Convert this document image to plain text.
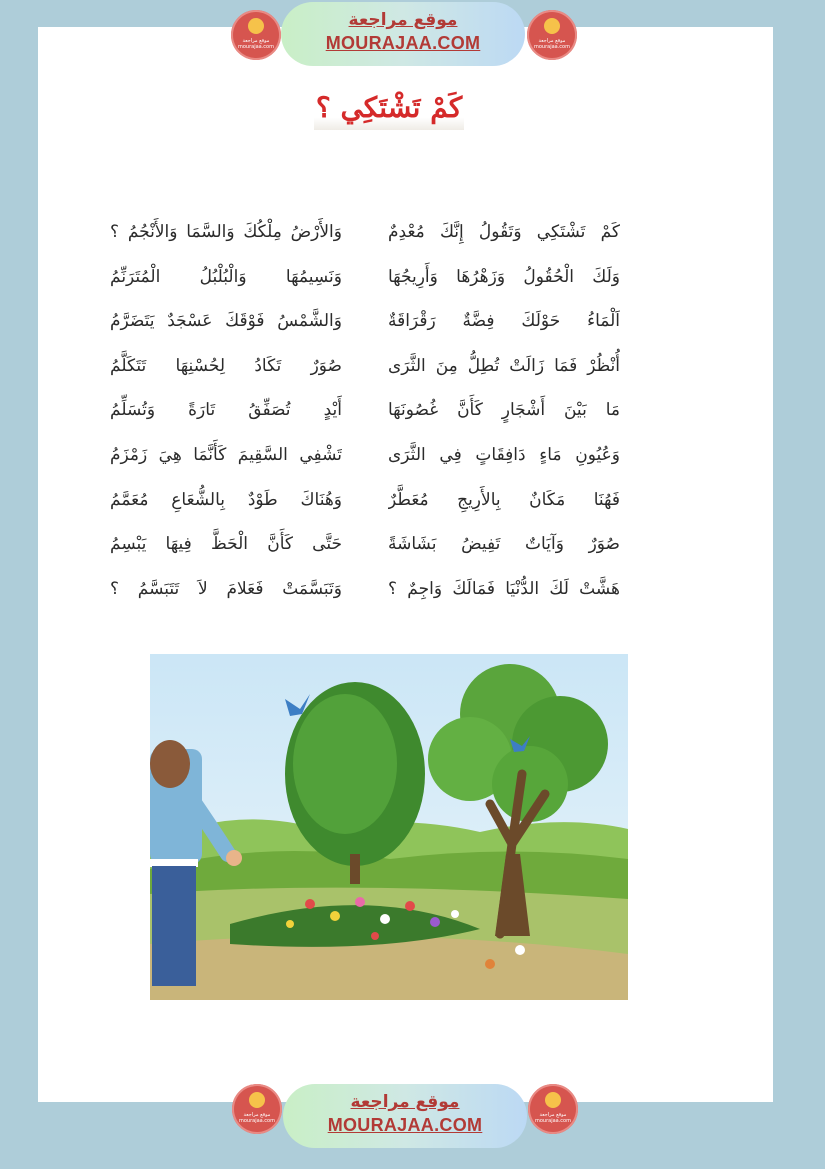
موقع مراجعة
mourajaa.com
موقع مراجعة
MOURAJAA.COM	موقع مراجعة
mourajaa.com
كَمْ تَشْتَكِي ؟
كَمْ تَشْتَكِي وَتَقُولُ إِنَّكَ مُعْدِمٌ
وَلَكَ الْحُقُولُ وَزَهْرُهَا وَأَرِيجُهَا
اَلْمَاءُ حَوْلَكَ فِضَّةٌ رَقْرَاقَةٌ
أُنْظُرْ فَمَا زَالَتْ تُطِلُّ مِنَ الثَّرَى
مَا بَيْنَ أَشْجَارٍ كَأَنَّ غُصُونَهَا
وَعُيُونِ مَاءٍ دَافِقَاتٍ فِي الثَّرَى
فَهُنَا مَكَانٌ بِالأَرِيجِ مُعَطَّرٌ
صُوَرٌ وَآيَاتٌ تَفِيضُ بَشَاشَةً
هَشَّتْ لَكَ الدُّنْيَا فَمَالَكَ وَاجِمٌ ؟
وَالأَرْضُ مِلْكُكَ وَالسَّمَا وَالأَنْجُمُ ؟
وَنَسِيمُهَا وَالْبُلْبُلُ الْمُتَرَنِّمُ
وَالشَّمْسُ فَوْقَكَ عَسْجَدٌ يَتَضَرَّمُ
صُوَرٌ تَكَادُ لِحُسْنِهَا تَتَكَلَّمُ
أَيْدٍ تُصَفِّقُ تَارَةً وَتُسَلِّمُ
تَشْفِي السَّقِيمَ كَأَنَّمَا هِيَ زَمْزَمُ
وَهُنَاكَ طَوْدٌ بِالشُّعَاعِ مُعَمَّمُ
حَتَّى كَأَنَّ الْحَظَّ فِيهَا يَبْسِمُ
وَتَبَسَّمَتْ فَعَلامَ لاَ تَتَبَسَّمُ ؟
موقع مراجعة
mourajaa.com
موقع مراجعة
MOURAJAA.COM	موقع مراجعة
mourajaa.com
